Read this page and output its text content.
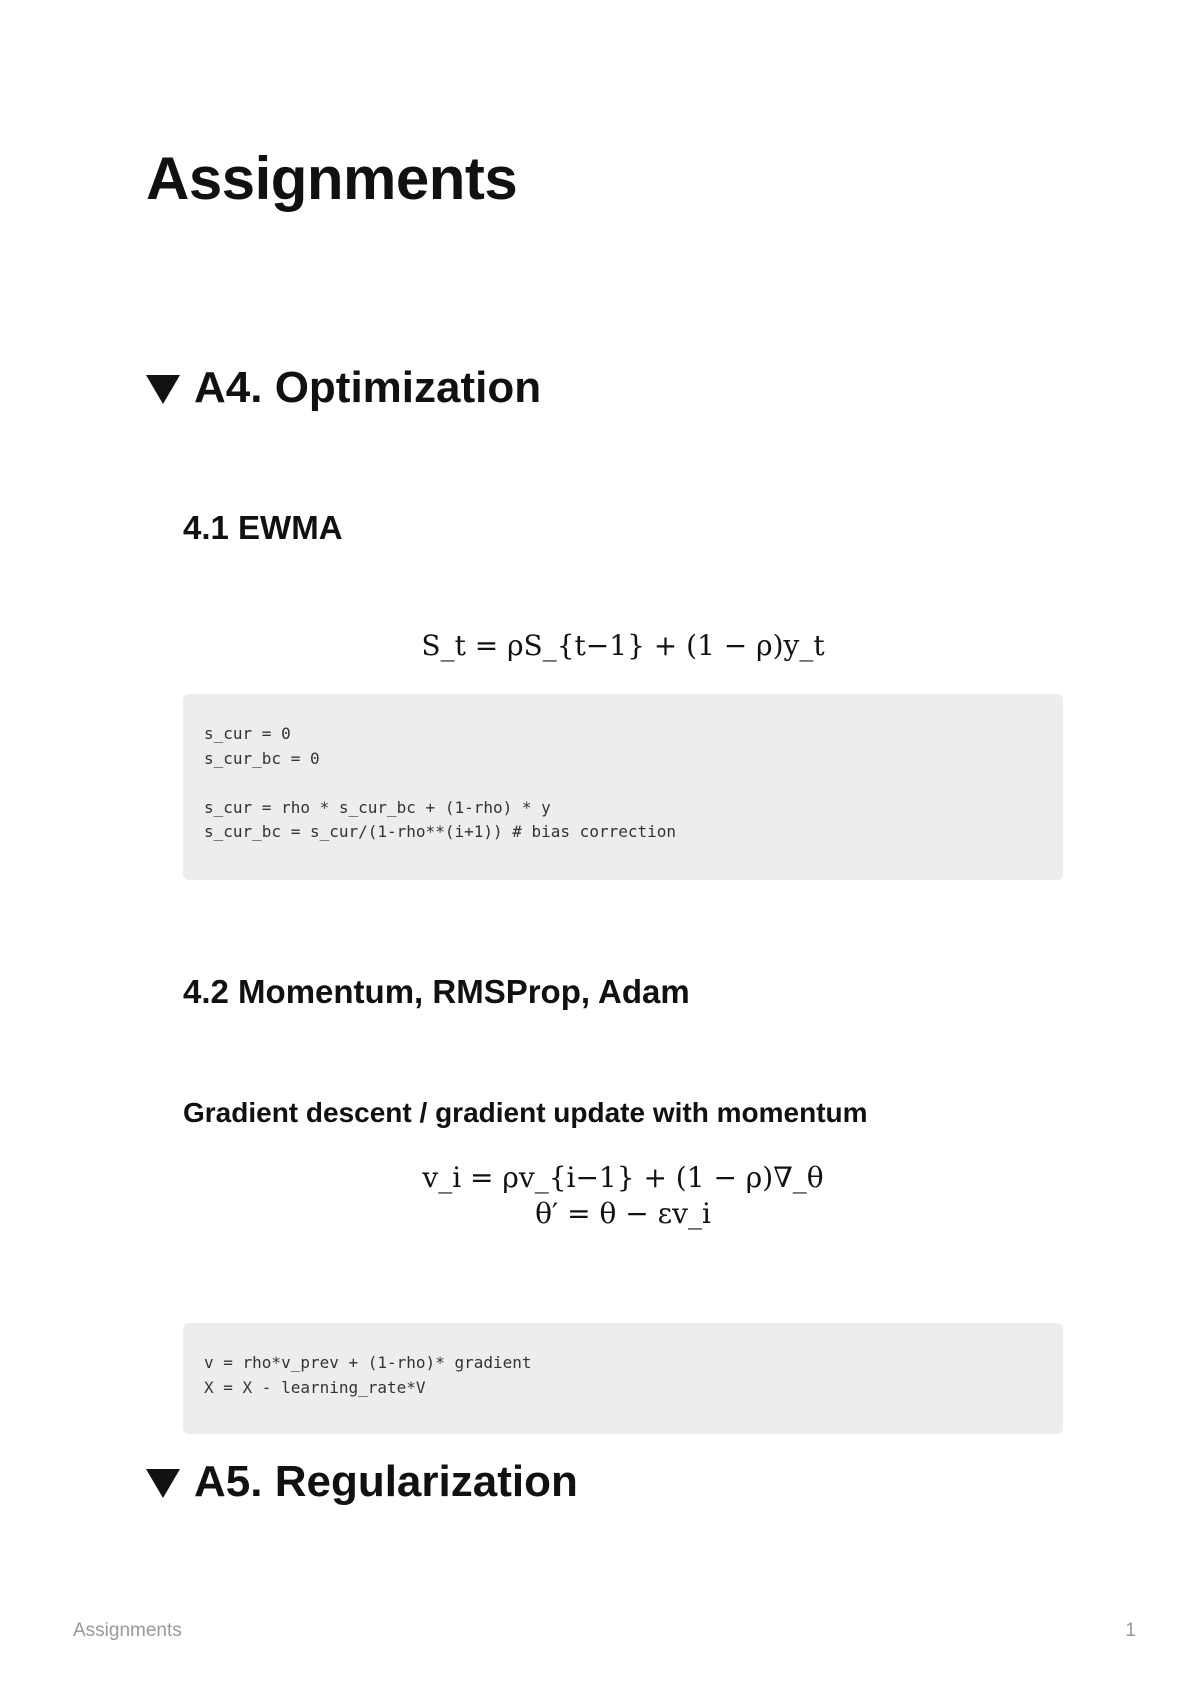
Assignments
A4. Optimization
4.1 EWMA
S_t = ρS_{t−1} + (1 − ρ)y_t
s_cur = 0
s_cur_bc = 0
s_cur = rho * s_cur_bc + (1-rho) * y
s_cur_bc = s_cur/(1-rho**(i+1)) # bias correction
4.2 Momentum, RMSProp, Adam
Gradient descent / gradient update with momentum
v_i = ρv_{i−1} + (1 − ρ)∇_θ
θ′ = θ − εv_i
v = rho*v_prev + (1-rho)* gradient
X = X - learning_rate*V
A5. Regularization
Assignments	1
